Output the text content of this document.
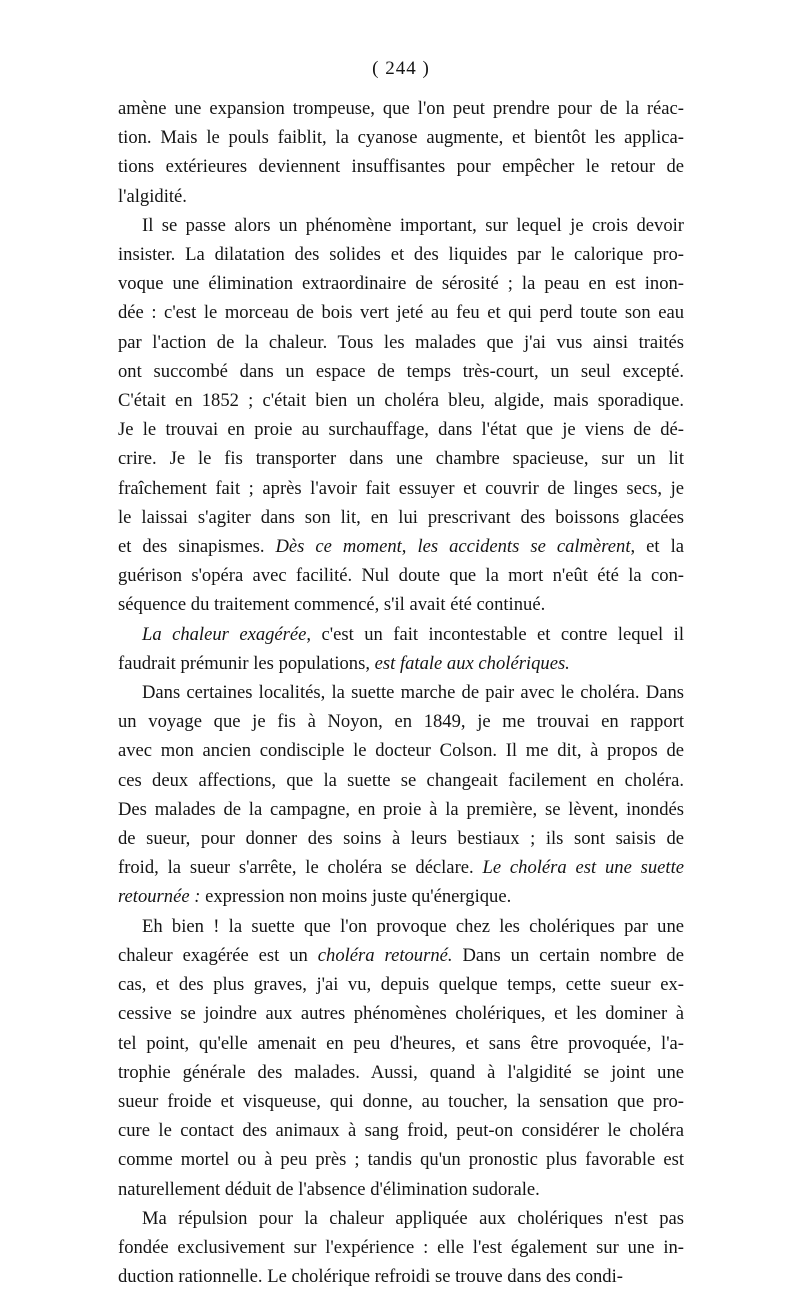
( 244 )

amène une expansion trompeuse, que l'on peut prendre pour de la réac-
tion. Mais le pouls faiblit, la cyanose augmente, et bientôt les applica-
tions extérieures deviennent insuffisantes pour empêcher le retour de
l'algidité.

Il se passe alors un phénomène important, sur lequel je crois devoir
insister. La dilatation des solides et des liquides par le calorique pro-
voque une élimination extraordinaire de sérosité ; la peau en est inon-
dée : c'est le morceau de bois vert jeté au feu et qui perd toute son eau
par l'action de la chaleur. Tous les malades que j'ai vus ainsi traités
ont succombé dans un espace de temps très-court, un seul excepté.
C'était en 1852 ; c'était bien un choléra bleu, algide, mais sporadique.
Je le trouvai en proie au surchauffage, dans l'état que je viens de dé-
crire. Je le fis transporter dans une chambre spacieuse, sur un lit
fraîchement fait ; après l'avoir fait essuyer et couvrir de linges secs, je
le laissai s'agiter dans son lit, en lui prescrivant des boissons glacées
et des sinapismes. Dès ce moment, les accidents se calmèrent, et la
guérison s'opéra avec facilité. Nul doute que la mort n'eût été la con-
séquence du traitement commencé, s'il avait été continué.

La chaleur exagérée, c'est un fait incontestable et contre lequel il
faudrait prémunir les populations, est fatale aux cholériques.

Dans certaines localités, la suette marche de pair avec le choléra. Dans
un voyage que je fis à Noyon, en 1849, je me trouvai en rapport
avec mon ancien condisciple le docteur Colson. Il me dit, à propos de
ces deux affections, que la suette se changeait facilement en choléra.
Des malades de la campagne, en proie à la première, se lèvent, inondés
de sueur, pour donner des soins à leurs bestiaux ; ils sont saisis de
froid, la sueur s'arrête, le choléra se déclare. Le choléra est une suette
retournée : expression non moins juste qu'énergique.

Eh bien ! la suette que l'on provoque chez les cholériques par une
chaleur exagérée est un choléra retourné. Dans un certain nombre de
cas, et des plus graves, j'ai vu, depuis quelque temps, cette sueur ex-
cessive se joindre aux autres phénomènes cholériques, et les dominer à
tel point, qu'elle amenait en peu d'heures, et sans être provoquée, l'a-
trophie générale des malades. Aussi, quand à l'algidité se joint une
sueur froide et visqueuse, qui donne, au toucher, la sensation que pro-
cure le contact des animaux à sang froid, peut-on considérer le choléra
comme mortel ou à peu près ; tandis qu'un pronostic plus favorable est
naturellement déduit de l'absence d'élimination sudorale.

Ma répulsion pour la chaleur appliquée aux cholériques n'est pas
fondée exclusivement sur l'expérience : elle l'est également sur une in-
duction rationnelle. Le cholérique refroidi se trouve dans des condi-
